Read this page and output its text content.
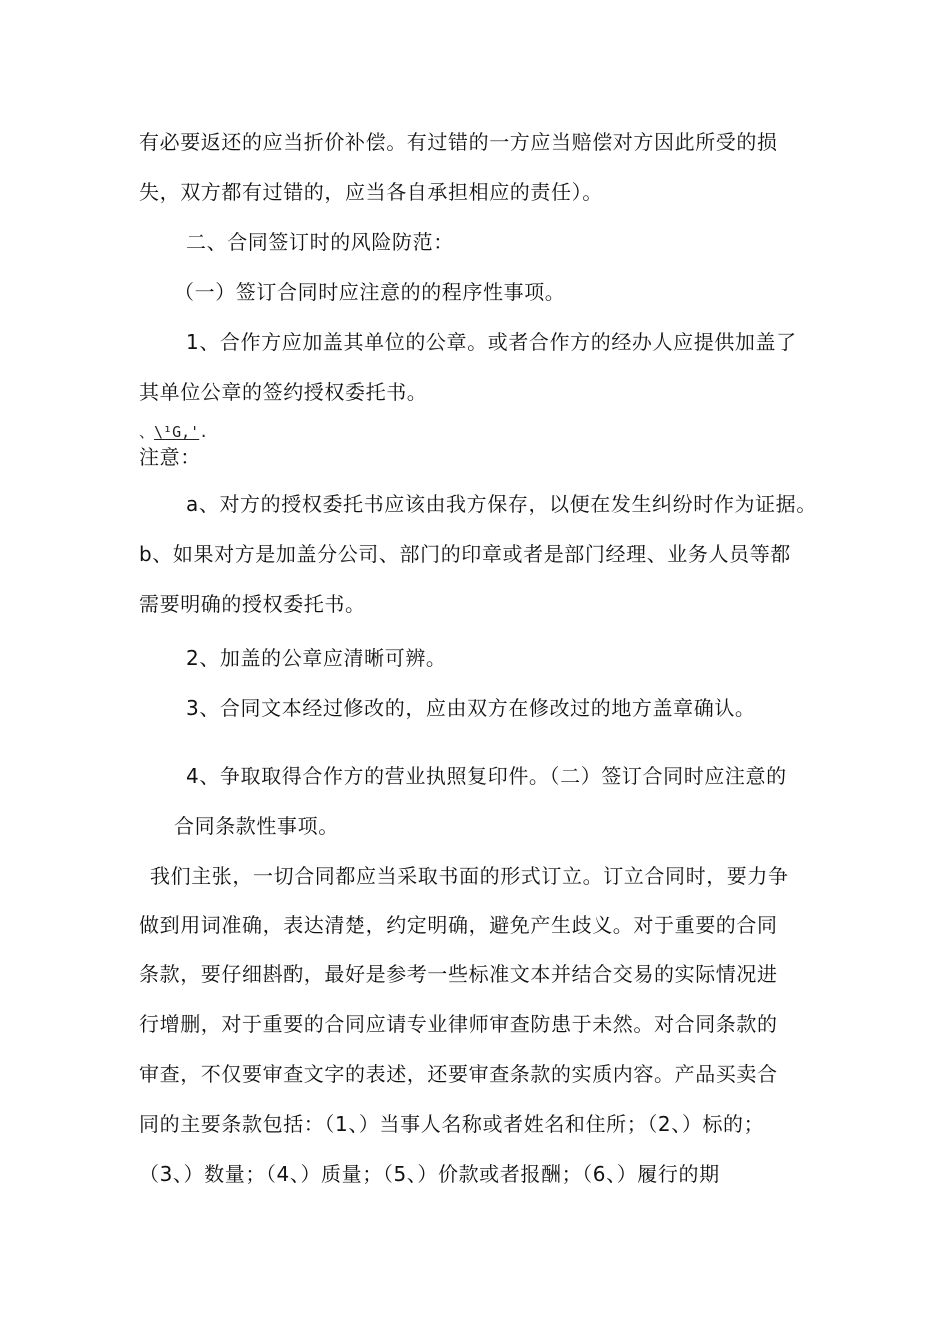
有必要返还的应当折价补偿。有过错的一方应当赔偿对方因此所受的损
失，双方都有过错的，应当各自承担相应的责任）。
二、合同签订时的风险防范：
（一）签订合同时应注意的的程序性事项。
1、合作方应加盖其单位的公章。或者合作方的经办人应提供加盖了
其单位公章的签约授权委托书。
、\¹G,'.
注意：
a、对方的授权委托书应该由我方保存，以便在发生纠纷时作为证据。
b、如果对方是加盖分公司、部门的印章或者是部门经理、业务人员等都
需要明确的授权委托书。
2、加盖的公章应清晰可辨。
3、合同文本经过修改的，应由双方在修改过的地方盖章确认。
4、争取取得合作方的营业执照复印件。（二）签订合同时应注意的
合同条款性事项。
我们主张，一切合同都应当采取书面的形式订立。订立合同时，要力争
做到用词准确，表达清楚，约定明确，避免产生歧义。对于重要的合同
条款，要仔细斟酌，最好是参考一些标准文本并结合交易的实际情况进
行增删，对于重要的合同应请专业律师审查防患于未然。对合同条款的
审查，不仅要审查文字的表述，还要审查条款的实质内容。产品买卖合
同的主要条款包括：（1、）当事人名称或者姓名和住所；（2、）标的；
（3、）数量；（4、）质量；（5、）价款或者报酬；（6、）履行的期
